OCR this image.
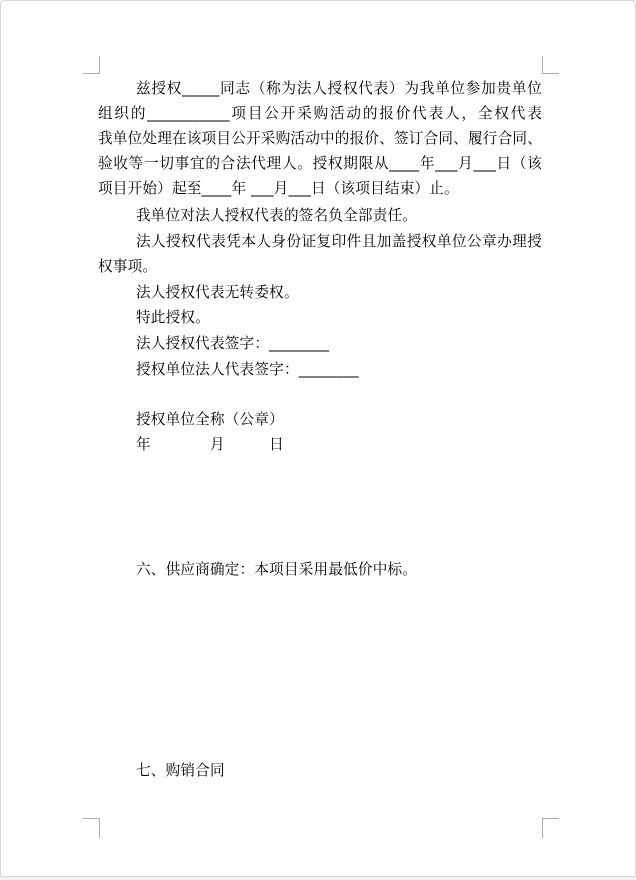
兹授权_____同志（称为法人授权代表）为我单位参加贵单位
组织的___________项目公开采购活动的报价代表人，全权代表
我单位处理在该项目公开采购活动中的报价、签订合同、履行合同、
验收等一切事宜的合法代理人。授权期限从____年___月___日（该
项目开始）起至____年 ___月___日（该项目结束）止。
我单位对法人授权代表的签名负全部责任。
法人授权代表凭本人身份证复印件且加盖授权单位公章办理授
权事项。
法人授权代表无转委权。
特此授权。
法人授权代表签字：________
授权单位法人代表签字：________
授权单位全称（公章）
年　　　　月　　　日
六、供应商确定：本项目采用最低价中标。
七、购销合同
